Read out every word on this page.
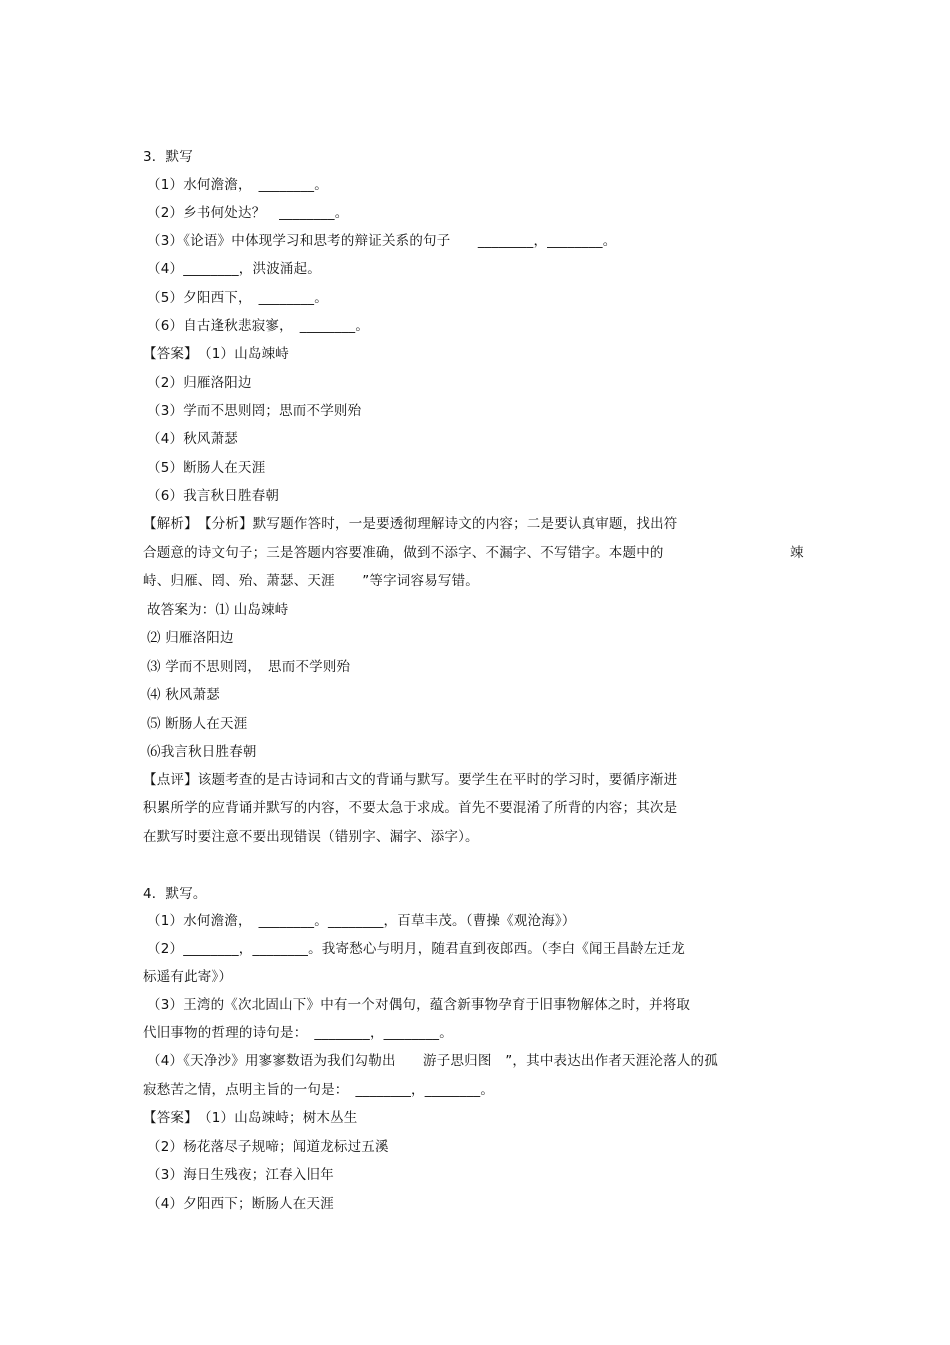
3．默写
（1）水何澹澹，　________。
（2）乡书何处达？　________。
（3）《论语》中体现学习和思考的辩证关系的句子　　________，________。
（4）________，洪波涌起。
（5）夕阳西下，　________。
（6）自古逢秋悲寂寥，　________。
【答案】　（1）山岛竦峙
（2）归雁洛阳边
（3）学而不思则罔；思而不学则殆
（4）秋风萧瑟
（5）断肠人在天涯
（6）我言秋日胜春朝
【解析】　【分析】默写题作答时，一是要透彻理解诗文的内容；二是要认真审题，找出符
合题意的诗文句子；三是答题内容要准确，做到不添字、不漏字、不写错字。本题中的	竦
峙、归雁、罔、殆、萧瑟、天涯　　”等字词容易写错。
故答案为：⑴ 山岛竦峙
⑵ 归雁洛阳边
⑶ 学而不思则罔，　思而不学则殆
⑷ 秋风萧瑟
⑸ 断肠人在天涯
⑹我言秋日胜春朝
【点评】该题考查的是古诗词和古文的背诵与默写。要学生在平时的学习时，要循序渐进
积累所学的应背诵并默写的内容，不要太急于求成。首先不要混淆了所背的内容；其次是
在默写时要注意不要出现错误（错别字、漏字、添字）。
4．默写。
（1）水何澹澹，　________。________，百草丰茂。（曹操《观沧海》）
（2）________，________。我寄愁心与明月，随君直到夜郎西。（李白《闻王昌龄左迁龙
标遥有此寄》）
（3）王湾的《次北固山下》中有一个对偶句，蕴含新事物孕育于旧事物解体之时，并将取
代旧事物的哲理的诗句是：　________，________。
（4）《天净沙》用寥寥数语为我们勾勒出　　游子思归图　”，其中表达出作者天涯沦落人的孤
寂愁苦之情，点明主旨的一句是：　________，________。
【答案】　（1）山岛竦峙；树木丛生
（2）杨花落尽子规啼；闻道龙标过五溪
（3）海日生残夜；江春入旧年
（4）夕阳西下；断肠人在天涯
